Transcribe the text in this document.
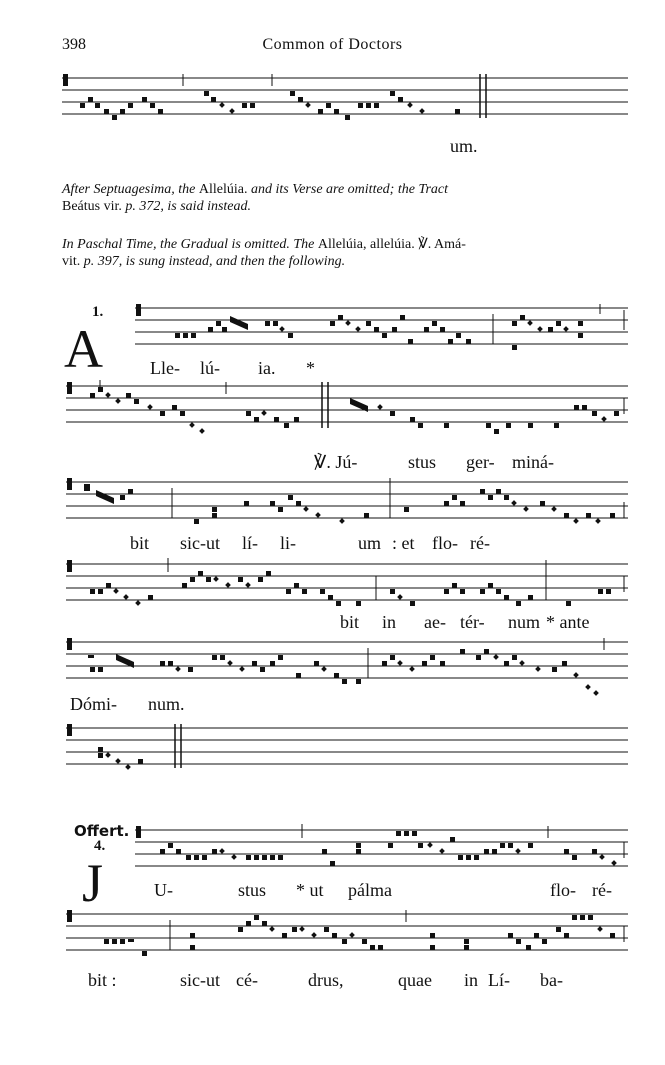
398	Common of Doctors
um.
After Septuagesima, the Allelúia. and its Verse are omitted; the Tract
Beátus vir. p. 372, is said instead.
In Paschal Time, the Gradual is omitted. The Allelúia, allelúia. ℣. Amá-
vit. p. 397, is sung instead, and then the following.
1.
A	Lle- lú- ia. *
℣. Jú-	stus ger- miná-
bit sic-ut lí- li-	um : et flo- ré-
bit in ae- tér- num * ante
Dómi- num.
Offert.
4.
J	U-	stus * ut pálma	flo- ré-
bit :	sic-ut cé-	drus,	quae in Lí- ba-
